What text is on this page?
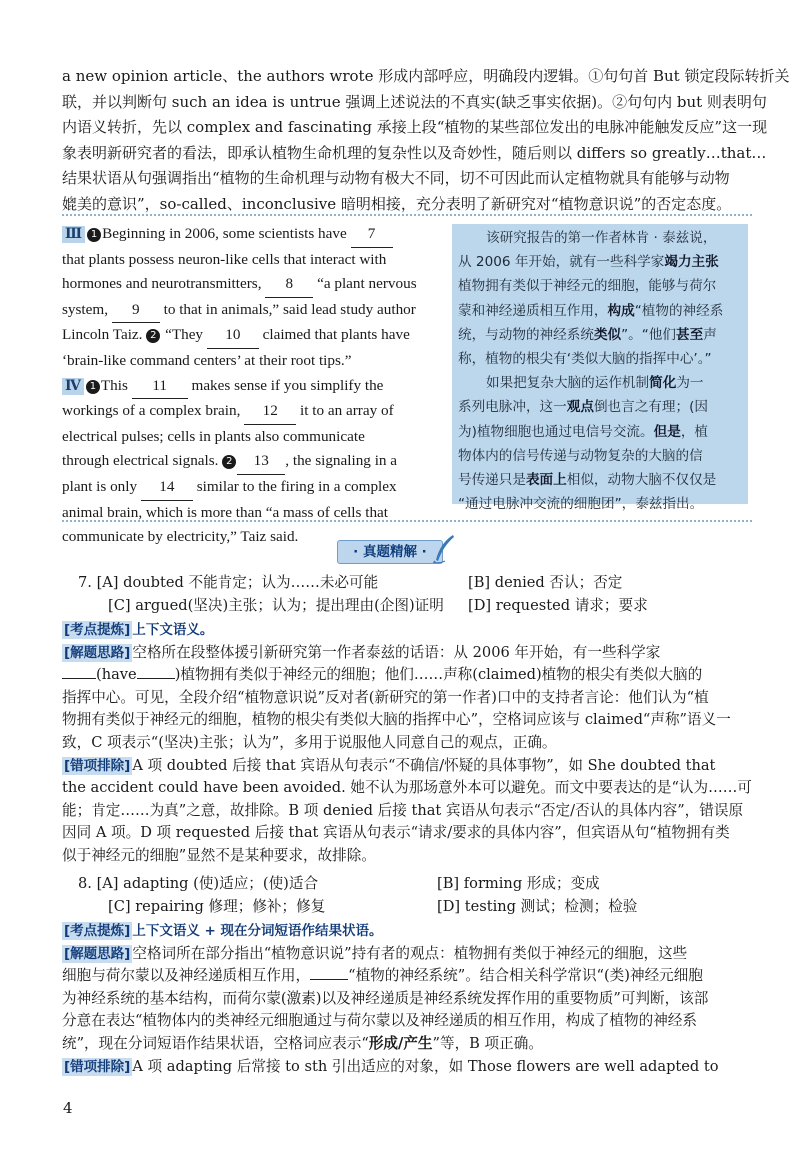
a new opinion article、the authors wrote 形成内部呼应，明确段内逻辑。①句句首 But 锁定段际转折关
联，并以判断句 such an idea is untrue 强调上述说法的不真实(缺乏事实依据)。②句句内 but 则表明句
内语义转折，先以 complex and fascinating 承接上段“植物的某些部位发出的电脉冲能触发反应”这一现
象表明新研究者的看法，即承认植物生命机理的复杂性以及奇妙性，随后则以 differs so greatly…that…
结果状语从句强调指出“植物的生命机理与动物有极大不同，切不可因此而认定植物就具有能够与动物
媲美的意识”，so-called、inconclusive 暗明相接，充分表明了新研究对“植物意识说”的否定态度。
Ⅲ 1 Beginning in 2006, some scientists have 7
that plants possess neuron-like cells that interact with
hormones and neurotransmitters, 8 “a plant nervous
system, 9 to that in animals,” said lead study author
Lincoln Taiz. 2 “They 10 claimed that plants have
‘brain-like command centers’ at their root tips.”
Ⅳ 1 This 11 makes sense if you simplify the
workings of a complex brain, 12 it to an array of
electrical pulses; cells in plants also communicate
through electrical signals. 2 13 , the signaling in a
plant is only 14 similar to the firing in a complex
animal brain, which is more than “a mass of cells that
communicate by electricity,” Taiz said.
该研究报告的第一作者林肯 · 泰兹说，
从 2006 年开始，就有一些科学家竭力主张
植物拥有类似于神经元的细胞，能够与荷尔
蒙和神经递质相互作用，构成“植物的神经系
统，与动物的神经系统类似”。“他们甚至声
称，植物的根尖有‘类似大脑的指挥中心’。”
如果把复杂大脑的运作机制简化为一
系列电脉冲，这一观点倒也言之有理；(因
为)植物细胞也通过电信号交流。但是，植
物体内的信号传递与动物复杂的大脑的信
号传递只是表面上相似，动物大脑不仅仅是
“通过电脉冲交流的细胞团”，泰兹指出。
· 真题精解 ·
7. [A] doubted 不能肯定；认为……未必可能	[B] denied 否认；否定
[C] argued(坚决)主张；认为；提出理由(企图)证明 [D] requested 请求；要求
[考点提炼] 上下文语义。
[解题思路] 空格所在段整体援引新研究第一作者泰兹的话语：从 2006 年开始，有一些科学家
(have	)植物拥有类似于神经元的细胞；他们……声称(claimed)植物的根尖有类似大脑的
指挥中心。可见，全段介绍“植物意识说”反对者(新研究的第一作者)口中的支持者言论：他们认为“植
物拥有类似于神经元的细胞，植物的根尖有类似大脑的指挥中心”，空格词应该与 claimed“声称”语义一
致，C 项表示“(坚决)主张；认为”，多用于说服他人同意自己的观点，正确。
[错项排除] A 项 doubted 后接 that 宾语从句表示“不确信/怀疑的具体事物”，如 She doubted that
the accident could have been avoided. 她不认为那场意外本可以避免。而文中要表达的是“认为……可
能；肯定……为真”之意，故排除。B 项 denied 后接 that 宾语从句表示“否定/否认的具体内容”，错误原
因同 A 项。D 项 requested 后接 that 宾语从句表示“请求/要求的具体内容”，但宾语从句“植物拥有类
似于神经元的细胞”显然不是某种要求，故排除。
8. [A] adapting (使)适应；(使)适合	[B] forming 形成；变成
[C] repairing 修理；修补；修复	[D] testing 测试；检测；检验
[考点提炼] 上下文语义 + 现在分词短语作结果状语。
[解题思路] 空格词所在部分指出“植物意识说”持有者的观点：植物拥有类似于神经元的细胞，这些
细胞与荷尔蒙以及神经递质相互作用，	“植物的神经系统”。结合相关科学常识“(类)神经元细胞
为神经系统的基本结构，而荷尔蒙(激素)以及神经递质是神经系统发挥作用的重要物质”可判断，该部
分意在表达“植物体内的类神经元细胞通过与荷尔蒙以及神经递质的相互作用，构成了植物的神经系
统”，现在分词短语作结果状语，空格词应表示“形成/产生”等，B 项正确。
[错项排除] A 项 adapting 后常接 to sth 引出适应的对象，如 Those flowers are well adapted to
4
